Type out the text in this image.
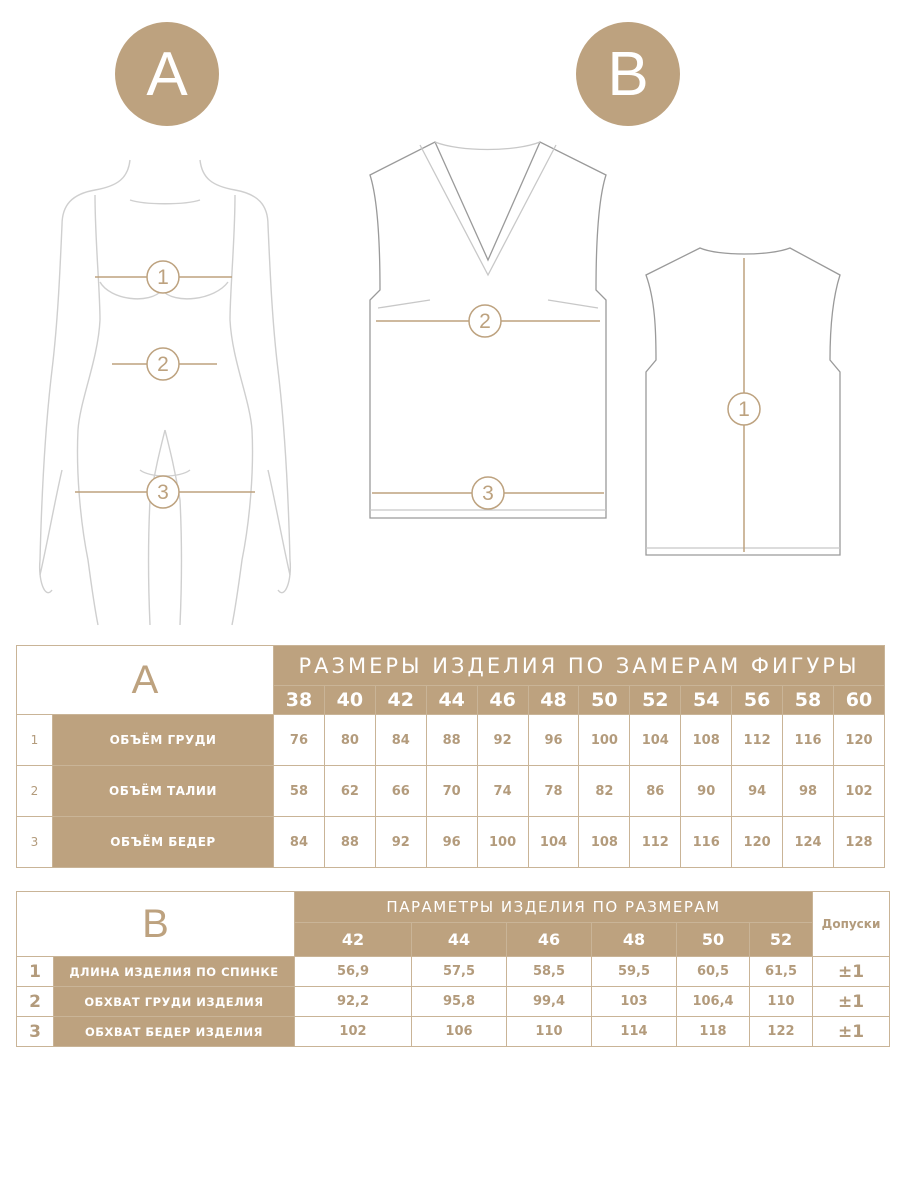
A	B
1
2
3
2
3
1
A		РАЗМЕРЫ ИЗДЕЛИЯ ПО ЗАМЕРАМ ФИГУРЫ											
		38	40	42	44	46	48	50	52	54	56	58	60
1	ОБЪЁМ ГРУДИ	76	80	84	88	92	96	100	104	108	112	116	120
2	ОБЪЁМ ТАЛИИ	58	62	66	70	74	78	82	86	90	94	98	102
3	ОБЪЁМ БЕДЕР	84	88	92	96	100	104	108	112	116	120	124	128
B		ПАРАМЕТРЫ ИЗДЕЛИЯ ПО РАЗМЕРАМ						Допуски
		42	44	46	48	50	52	
1	ДЛИНА ИЗДЕЛИЯ ПО СПИНКЕ	56,9	57,5	58,5	59,5	60,5	61,5	±1
2	ОБХВАТ ГРУДИ ИЗДЕЛИЯ	92,2	95,8	99,4	103	106,4	110	±1
3	ОБХВАТ БЕДЕР ИЗДЕЛИЯ	102	106	110	114	118	122	±1
